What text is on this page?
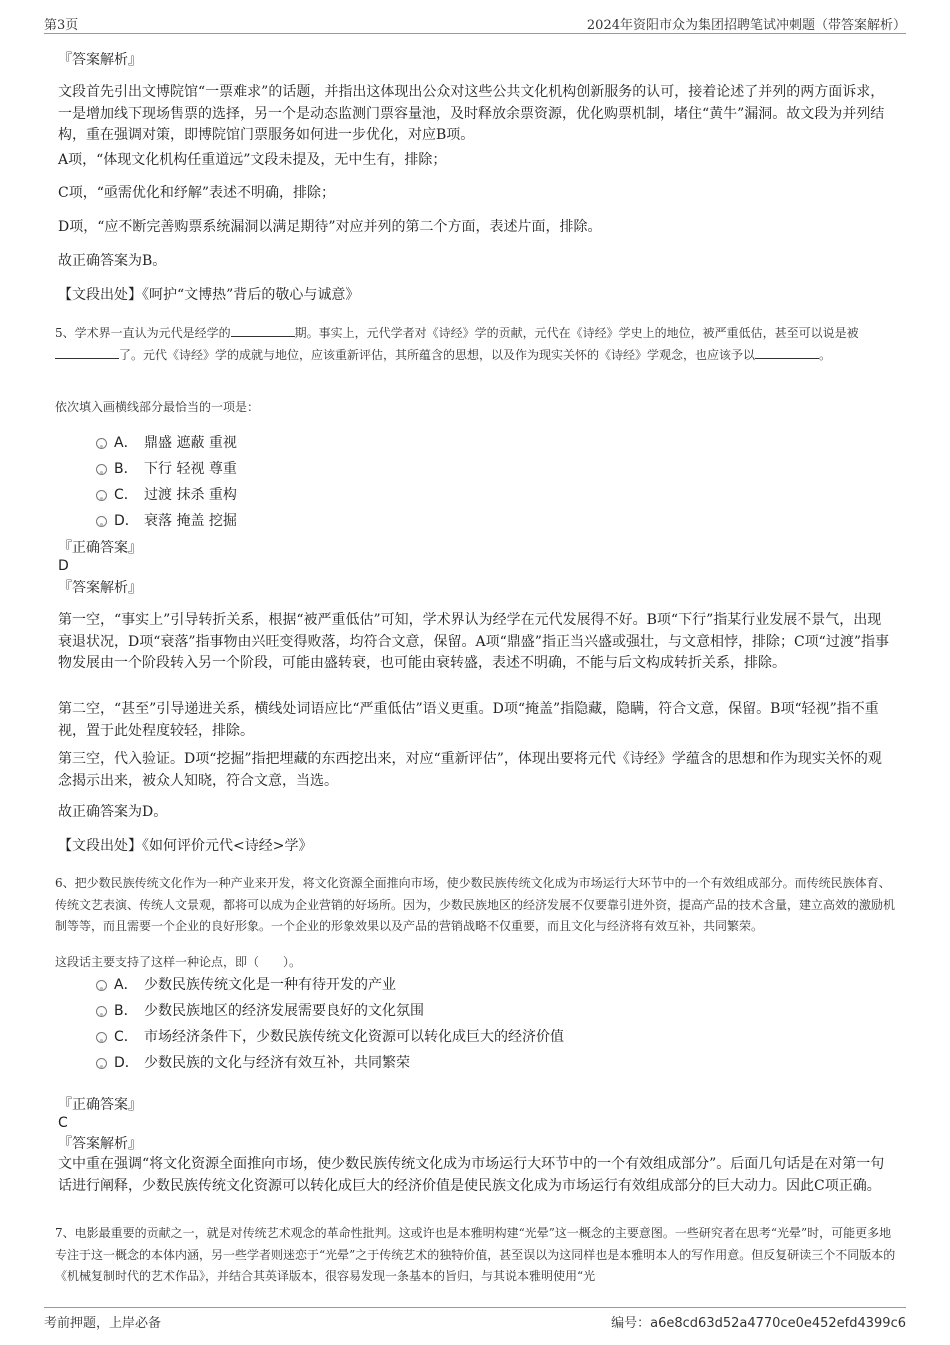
第3页	2024年资阳市众为集团招聘笔试冲刺题（带答案解析）

『答案解析』

文段首先引出文博院馆“一票难求”的话题，并指出这体现出公众对这些公共文化机构创新服务的认可，接着论述了并列的两方面诉求，一是增加线下现场售票的选择，另一个是动态监测门票容量池，及时释放余票资源，优化购票机制，堵住“黄牛”漏洞。故文段为并列结构，重在强调对策，即博院馆门票服务如何进一步优化，对应B项。

A项，“体现文化机构任重道远”文段未提及，无中生有，排除；

C项，“亟需优化和纾解”表述不明确，排除；

D项，“应不断完善购票系统漏洞以满足期待”对应并列的第二个方面，表述片面，排除。

故正确答案为B。

【文段出处】《呵护“文博热”背后的敬心与诚意》

5、学术界一直认为元代是经学的	期。事实上，元代学者对《诗经》学的贡献，元代在《诗经》学史上的地位，被严重低估，甚至可以说是被了。元代《诗经》学的成就与地位，应该重新评估，其所蕴含的思想，以及作为现实关怀的《诗经》学观念，也应该予以	。

依次填入画横线部分最恰当的一项是：

A． 鼎盛 遮蔽 重视
B． 下行 轻视 尊重
C． 过渡 抹杀 重构
D． 衰落 掩盖 挖掘

『正确答案』

D

『答案解析』

第一空，“事实上”引导转折关系，根据“被严重低估”可知，学术界认为经学在元代发展得不好。B项“下行”指某行业发展不景气，出现衰退状况，D项“衰落”指事物由兴旺变得败落，均符合文意，保留。A项“鼎盛”指正当兴盛或强壮，与文意相悖，排除；C项“过渡”指事物发展由一个阶段转入另一个阶段，可能由盛转衰，也可能由衰转盛，表述不明确，不能与后文构成转折关系，排除。

第二空，“甚至”引导递进关系，横线处词语应比“严重低估”语义更重。D项“掩盖”指隐藏，隐瞒，符合文意，保留。B项“轻视”指不重视，置于此处程度较轻，排除。

第三空，代入验证。D项“挖掘”指把埋藏的东西挖出来，对应“重新评估”，体现出要将元代《诗经》学蕴含的思想和作为现实关怀的观念揭示出来，被众人知晓，符合文意，当选。

故正确答案为D。

【文段出处】《如何评价元代<诗经>学》

6、把少数民族传统文化作为一种产业来开发，将文化资源全面推向市场，使少数民族传统文化成为市场运行大环节中的一个有效组成部分。而传统民族体育、传统文艺表演、传统人文景观，都将可以成为企业营销的好场所。因为，少数民族地区的经济发展不仅要靠引进外资，提高产品的技术含量，建立高效的激励机制等等，而且需要一个企业的良好形象。一个企业的形象效果以及产品的营销战略不仅重要，而且文化与经济将有效互补，共同繁荣。

这段话主要支持了这样一种论点，即（　　）。

A． 少数民族传统文化是一种有待开发的产业
B． 少数民族地区的经济发展需要良好的文化氛围
C． 市场经济条件下，少数民族传统文化资源可以转化成巨大的经济价值
D． 少数民族的文化与经济有效互补，共同繁荣

『正确答案』

C

『答案解析』

文中重在强调“将文化资源全面推向市场，使少数民族传统文化成为市场运行大环节中的一个有效组成部分”。后面几句话是在对第一句话进行阐释，少数民族传统文化资源可以转化成巨大的经济价值是使民族文化成为市场运行有效组成部分的巨大动力。因此C项正确。

7、电影最重要的贡献之一，就是对传统艺术观念的革命性批判。这或许也是本雅明构建“光晕”这一概念的主要意图。一些研究者在思考“光晕”时，可能更多地专注于这一概念的本体内涵，另一些学者则迷恋于“光晕”之于传统艺术的独特价值，甚至误以为这同样也是本雅明本人的写作用意。但反复研读三个不同版本的《机械复制时代的艺术作品》，并结合其英译版本，很容易发现一条基本的旨归，与其说本雅明使用“光

考前押题，上岸必备	编号：a6e8cd63d52a4770ce0e452efd4399c6
